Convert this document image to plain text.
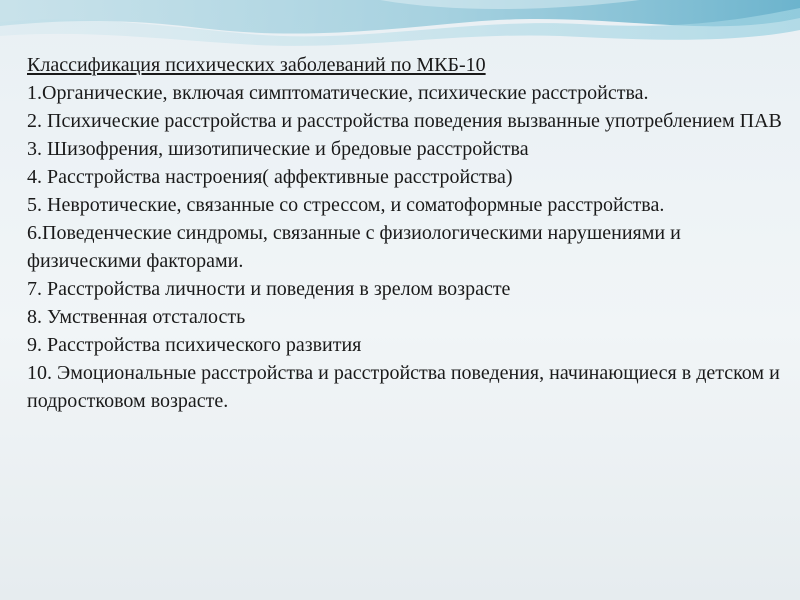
Классификация психических заболеваний по МКБ-10

1.Органические, включая симптоматические, психические расстройства.

2. Психические расстройства и расстройства поведения вызванные употреблением ПАВ

3. Шизофрения, шизотипические и бредовые расстройства

4. Расстройства настроения( аффективные расстройства)

5. Невротические, связанные со стрессом, и соматоформные расстройства.

6.Поведенческие синдромы, связанные с физиологическими нарушениями и физическими факторами.

7. Расстройства личности и поведения в зрелом возрасте

8. Умственная отсталость

9. Расстройства психического развития

10. Эмоциональные расстройства и расстройства поведения, начинающиеся в детском и подростковом возрасте.
